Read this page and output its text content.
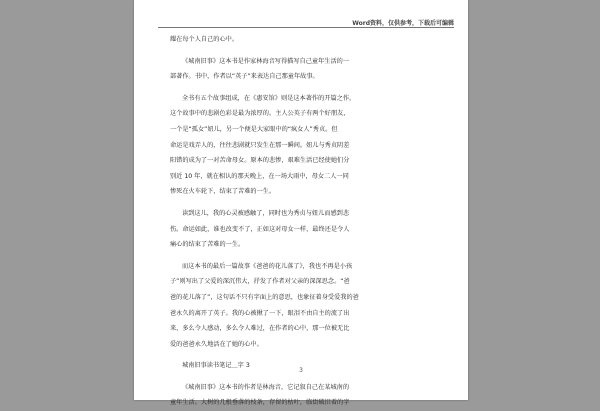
Word资料，仅供参考，下载后可编辑

耀在每个人自己的心中。

《城南旧事》这本书是作家林海音写得描写自己童年生活的一

部著作。书中，作者以“英子”来表达自己那童年故事。

全书有五个故事组成，在《惠安馆》则是这本著作的开篇之作，

这个故事中的悲剧色彩是最为浓厚的。主人公英子有两个好朋友，

一个是“孤女”妞儿，另一个便是大家眼中的“疯女人”秀贞。但

命运是戏弄人的，往往悲剧就只发生在那一瞬间。妞儿与秀贞阴差

阳错的成为了一对苦命母女。原本的悲惨，艰难生活已经使她们分

别近 10 年，就在相认的那天晚上，在一场大雨中，母女二人一同

惨死在火车轮下，结束了苦难的一生。

读到这儿，我的心灵被感触了，同时也为秀贞与妞儿而感到悲

伤。命运如此，谁也改变不了，正如这对母女一样，最终还是令人

痛心的结束了苦难的一生。

而这本书的最后一篇故事《爸爸的花儿落了》，我也不再是小孩

子”则写出了父爱的深沉伟大，抒发了作者对父亲的深深思念。“爸

爸的花儿落了”，这句话不只有字面上的意思，也象征着身受爱我的爸

爸永久的离开了英子。我的心被揪了一下，眼泪不由自主的流了出

来，多么令人感动，多么令人难过，在作者的心中，那一位被无比

爱的爸爸永久地活在了她的心中。

城南旧事读书笔记＿字 3

《城南旧事》这本书的作者是林海音，它记叙自己在某城南的

童年生活。大树的几根垂落的枝条，存留的枯叶，临街破旧着的字

3
